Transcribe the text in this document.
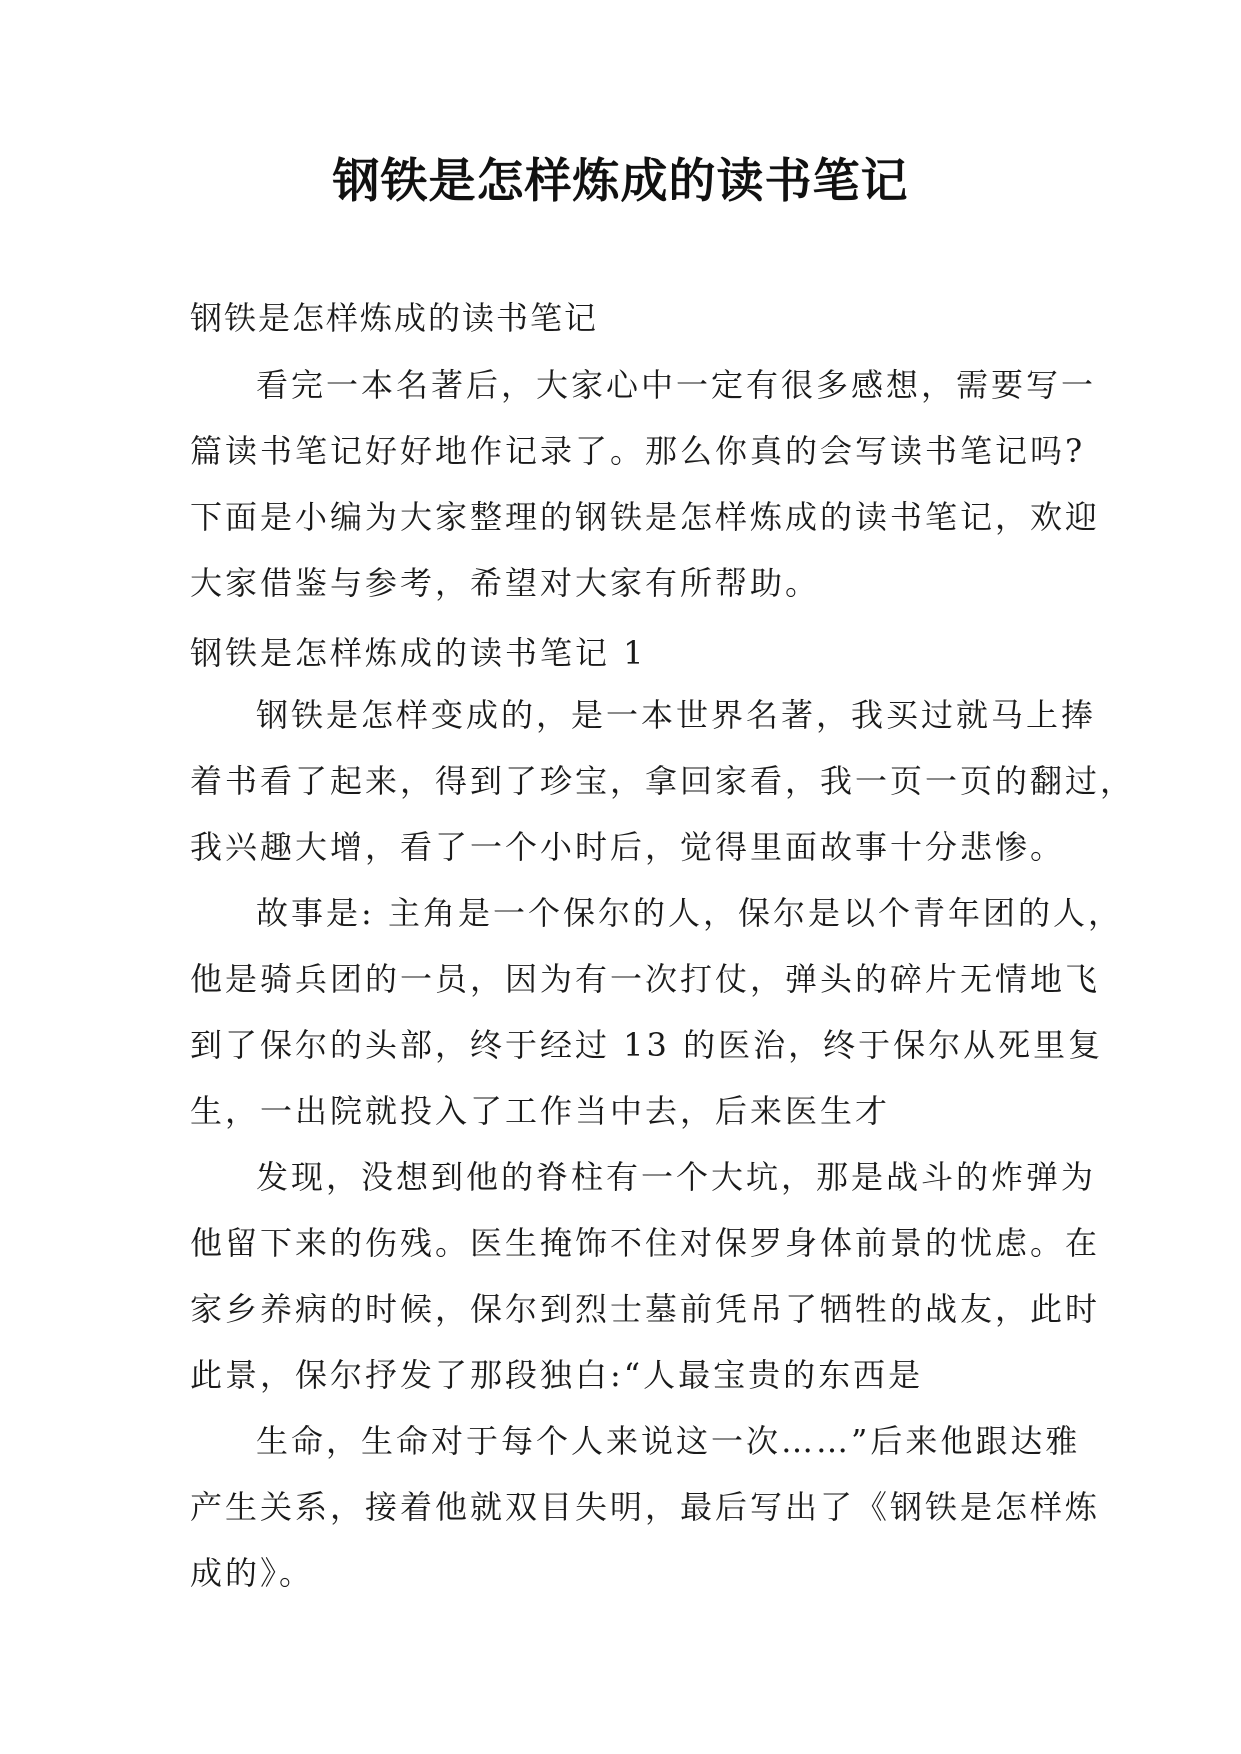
钢铁是怎样炼成的读书笔记
钢铁是怎样炼成的读书笔记
看完一本名著后，大家心中一定有很多感想，需要写一
篇读书笔记好好地作记录了。那么你真的会写读书笔记吗?
下面是小编为大家整理的钢铁是怎样炼成的读书笔记，欢迎
大家借鉴与参考，希望对大家有所帮助。
钢铁是怎样炼成的读书笔记 1
钢铁是怎样变成的，是一本世界名著，我买过就马上捧
着书看了起来，得到了珍宝，拿回家看，我一页一页的翻过，
我兴趣大增，看了一个小时后，觉得里面故事十分悲惨。
故事是: 主角是一个保尔的人，保尔是以个青年团的人，
他是骑兵团的一员，因为有一次打仗，弹头的碎片无情地飞
到了保尔的头部，终于经过 13 的医治，终于保尔从死里复
生，一出院就投入了工作当中去，后来医生才
发现，没想到他的脊柱有一个大坑，那是战斗的炸弹为
他留下来的伤残。医生掩饰不住对保罗身体前景的忧虑。在
家乡养病的时候，保尔到烈士墓前凭吊了牺牲的战友，此时
此景，保尔抒发了那段独白:“人最宝贵的东西是
生命，生命对于每个人来说这一次……”后来他跟达雅
产生关系，接着他就双目失明，最后写出了《钢铁是怎样炼
成的》。
